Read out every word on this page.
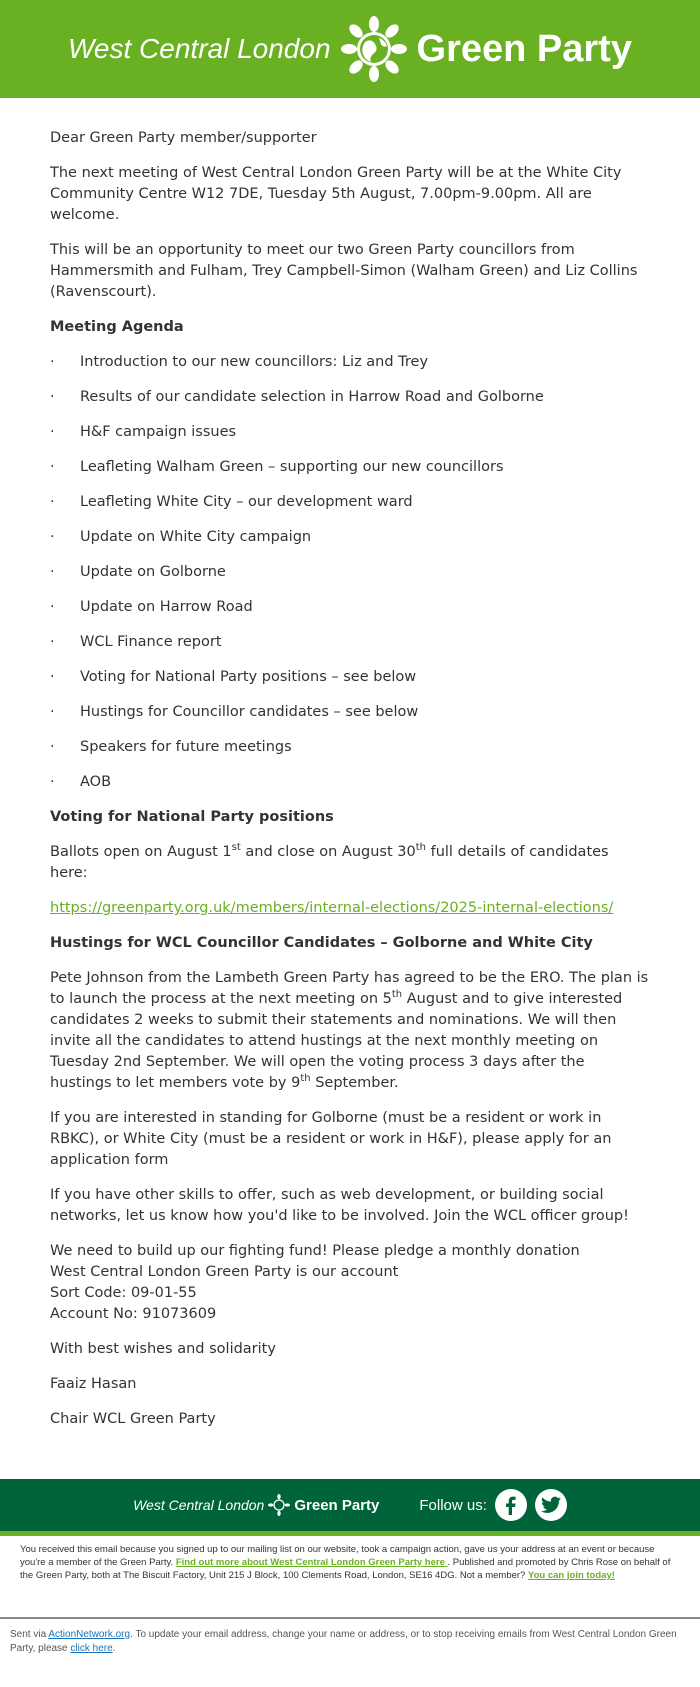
West Central London Green Party

Dear Green Party member/supporter

The next meeting of West Central London Green Party will be at the White City Community Centre W12 7DE, Tuesday 5th August, 7.00pm-9.00pm. All are welcome.

This will be an opportunity to meet our two Green Party councillors from Hammersmith and Fulham, Trey Campbell-Simon (Walham Green) and Liz Collins (Ravenscourt).

Meeting Agenda
·	Introduction to our new councillors: Liz and Trey
·	Results of our candidate selection in Harrow Road and Golborne
·	H&F campaign issues
·	Leafleting Walham Green – supporting our new councillors
·	Leafleting White City – our development ward
·	Update on White City campaign
·	Update on Golborne
·	Update on Harrow Road
·	WCL Finance report
·	Voting for National Party positions – see below
·	Hustings for Councillor candidates – see below
·	Speakers for future meetings
·	AOB
Voting for National Party positions

Ballots open on August 1st and close on August 30th full details of candidates here:

https://greenparty.org.uk/members/internal-elections/2025-internal-elections/

Hustings for WCL Councillor Candidates – Golborne and White City

Pete Johnson from the Lambeth Green Party has agreed to be the ERO. The plan is to launch the process at the next meeting on 5th August and to give interested candidates 2 weeks to submit their statements and nominations. We will then invite all the candidates to attend hustings at the next monthly meeting on Tuesday 2nd September. We will open the voting process 3 days after the hustings to let members vote by 9th September.

If you are interested in standing for Golborne (must be a resident or work in RBKC), or White City (must be a resident or work in H&F), please apply for an application form

If you have other skills to offer, such as web development, or building social networks, let us know how you'd like to be involved. Join the WCL officer group!

We need to build up our fighting fund! Please pledge a monthly donation
West Central London Green Party is our account
Sort Code: 09-01-55
Account No: 91073609

With best wishes and solidarity

Faaiz Hasan

Chair WCL Green Party

West Central London Green Party	Follow us:
You received this email because you signed up to our mailing list on our website, took a campaign action, gave us your address at an event or because you're a member of the Green Party. Find out more about West Central London Green Party here . Published and promoted by Chris Rose on behalf of the Green Party, both at The Biscuit Factory, Unit 215 J Block, 100 Clements Road, London, SE16 4DG. Not a member? You can join today!
Sent via ActionNetwork.org. To update your email address, change your name or address, or to stop receiving emails from West Central London Green Party, please click here.
